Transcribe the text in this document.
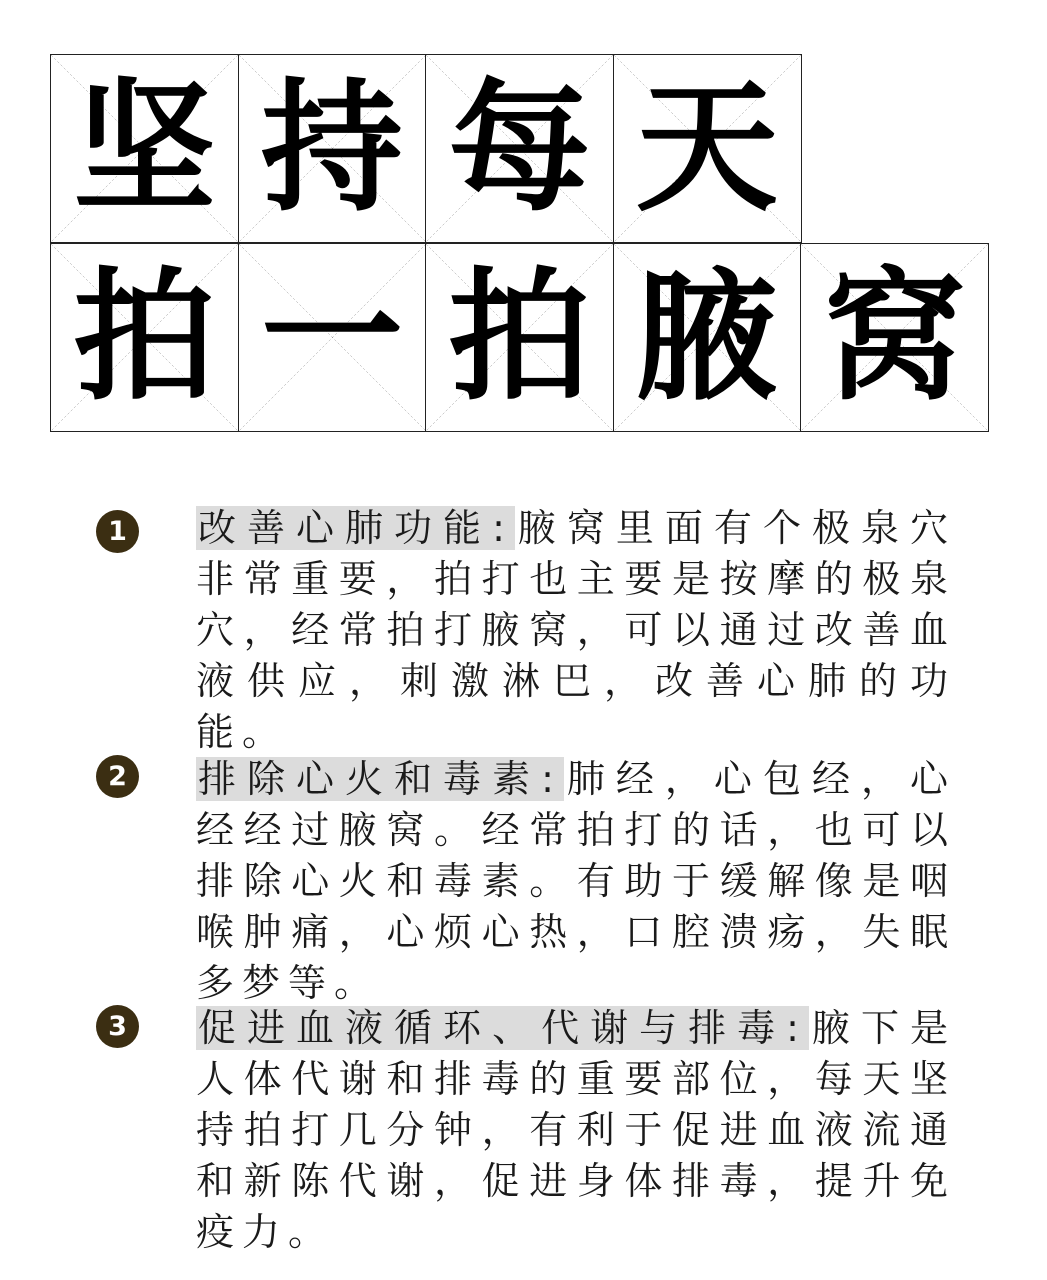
坚 持 每 天
拍 一 拍 腋 窝
1	改善心肺功能:腋窝里面有个极泉穴非常重要，拍打也主要是按摩的极泉穴，经常拍打腋窝，可以通过改善血液供应，刺激淋巴，改善心肺的功能。
2	排除心火和毒素:肺经，心包经，心经经过腋窝。经常拍打的话，也可以排除心火和毒素。有助于缓解像是咽喉肿痛，心烦心热，口腔溃疡，失眠多梦等。
3	促进血液循环、代谢与排毒:腋下是人体代谢和排毒的重要部位，每天坚持拍打几分钟，有利于促进血液流通和新陈代谢，促进身体排毒，提升免疫力。
